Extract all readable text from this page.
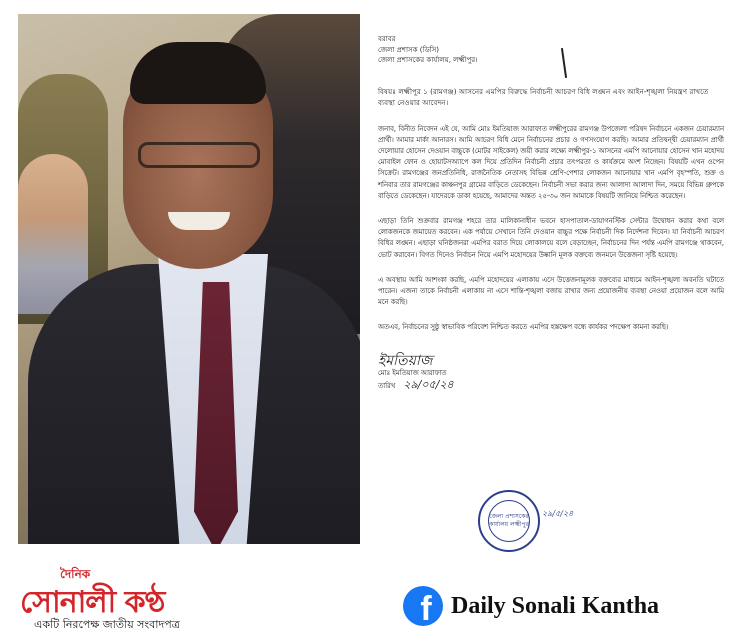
বরাবর
জেলা প্রশাসক (ডিসি)
জেলা প্রশাসকের কার্যালয়, লক্ষ্মীপুর।
বিষয়ঃ লক্ষ্মীপুর ১ (রামগঞ্জ) আসনের এমপির বিরুদ্ধে নির্বাচনী আচরণ বিধি লঙ্ঘন এবং আইন-শৃঙ্খলা নিয়ন্ত্রণ রাখতে ব্যবস্থা নেওয়ার আবেদন।
জনাব, বিনীত নিবেদন এই যে, আমি মোঃ ইমতিয়াজ আরাফাত লক্ষ্মীপুরের রামগঞ্জ উপজেলা পরিষদ নির্বাচনে একজন চেয়ারম্যান প্রার্থী। আমার মার্কা আনারস। আমি আচরণ বিধি মেনে নির্বাচনের প্রচার ও গণসংযোগ করছি। আমার প্রতিদ্বন্দ্বী চেয়ারম্যান প্রার্থী দেলোয়ার হোসেন দেওয়ান বাচ্চুকে (মোটর সাইকেল) জয়ী করার লক্ষ্যে লক্ষ্মীপুর-১ আসনের এমপি আনোয়ার হোসেন খান মহোদয় মোবাইল ফোন ও হোয়াটসঅ্যাপে কল দিয়ে প্রতিদিন নির্বাচনী প্রচার তৎপরতা ও কার্যক্রমে অংশ নিচ্ছেন। বিষয়টি এখন ওপেন সিক্রেট। রামগঞ্জের জনপ্রতিনিধি, রাজনৈতিক নেতাসহ বিভিন্ন শ্রেণি-পেশার লোকজন আনোয়ার খান এমপি বৃহস্পতি, শুক্র ও শনিবার তার রামগঞ্জের কাঞ্চনপুর গ্রামের বাড়িতে ডেকেছেন। নির্বাচনী সভা করার জন্য আলাদা আলাদা দিন, সময়ে বিভিন্ন গ্রুপকে বাড়িতে ডেকেছেন। যাদেরকে ডাকা হয়েছে, আমাদের অন্তত ২৫-৩০ জন আমাকে বিষয়টি জানিয়ে নিশ্চিত করেছেন।
এছাড়া তিনি শুক্রবার রামগঞ্জ শহরে তার মালিকানাধীন ভবনে হাসপাতাল-ডায়াগনস্টিক সেন্টার উদ্বোধন করার কথা বলে লোকজনকে জমায়েত করবেন। এক পর্যায়ে সেখানে তিনি দেওয়ান বাচ্চুর পক্ষে নির্বাচনী দিক নির্দেশনা দিবেন। যা নির্বাচনী আচরণ বিধির লঙ্ঘন। এছাড়া ঘনিষ্ঠজনরা এমপির বরাত দিয়ে লোকালয়ে বলে বেড়াচ্ছেন, নির্বাচনের দিন পর্যন্ত এমপি রামগঞ্জে থাকবেন, ভোট করাবেন। বিগত দিনেও নির্বাচন নিয়ে এমপি মহোদয়ের উষ্কানি মূলক বক্তব্যে জনমনে উত্তেজনা সৃষ্টি হয়েছে।
এ অবস্থায় আমি আশংকা করছি, এমপি মহোদয়ের এলাকায় এসে উত্তেজনামূলক বক্তব্যের মাধ্যমে আইন-শৃঙ্খলা অবনতি ঘটাতে পারেন। এজন্য তাকে নির্বাচনী এলাকায় না এসে শান্তি-শৃঙ্খলা বজায় রাখার জন্য প্রয়োজনীয় ব্যবস্থা নেওয়া প্রয়োজন বলে আমি মনে করছি।
অতএব, নির্বাচনের সুষ্ঠু স্বাভাবিক পরিবেশ নিশ্চিত করতে এমপির হস্তক্ষেপ বন্ধে কার্যকর পদক্ষেপ কামনা করছি।
ইমতিয়াজ
মোঃ ইমতিয়াজ আরাফাত
তারিখ ২৯/০৫/২৪
জেলা প্রশাসকের কার্যালয় লক্ষ্মীপুর
২৯/৫/২৪
দৈনিক
সোনালী কণ্ঠ
একটি নিরপেক্ষ জাতীয় সংবাদপত্র	f Daily Sonali Kantha
